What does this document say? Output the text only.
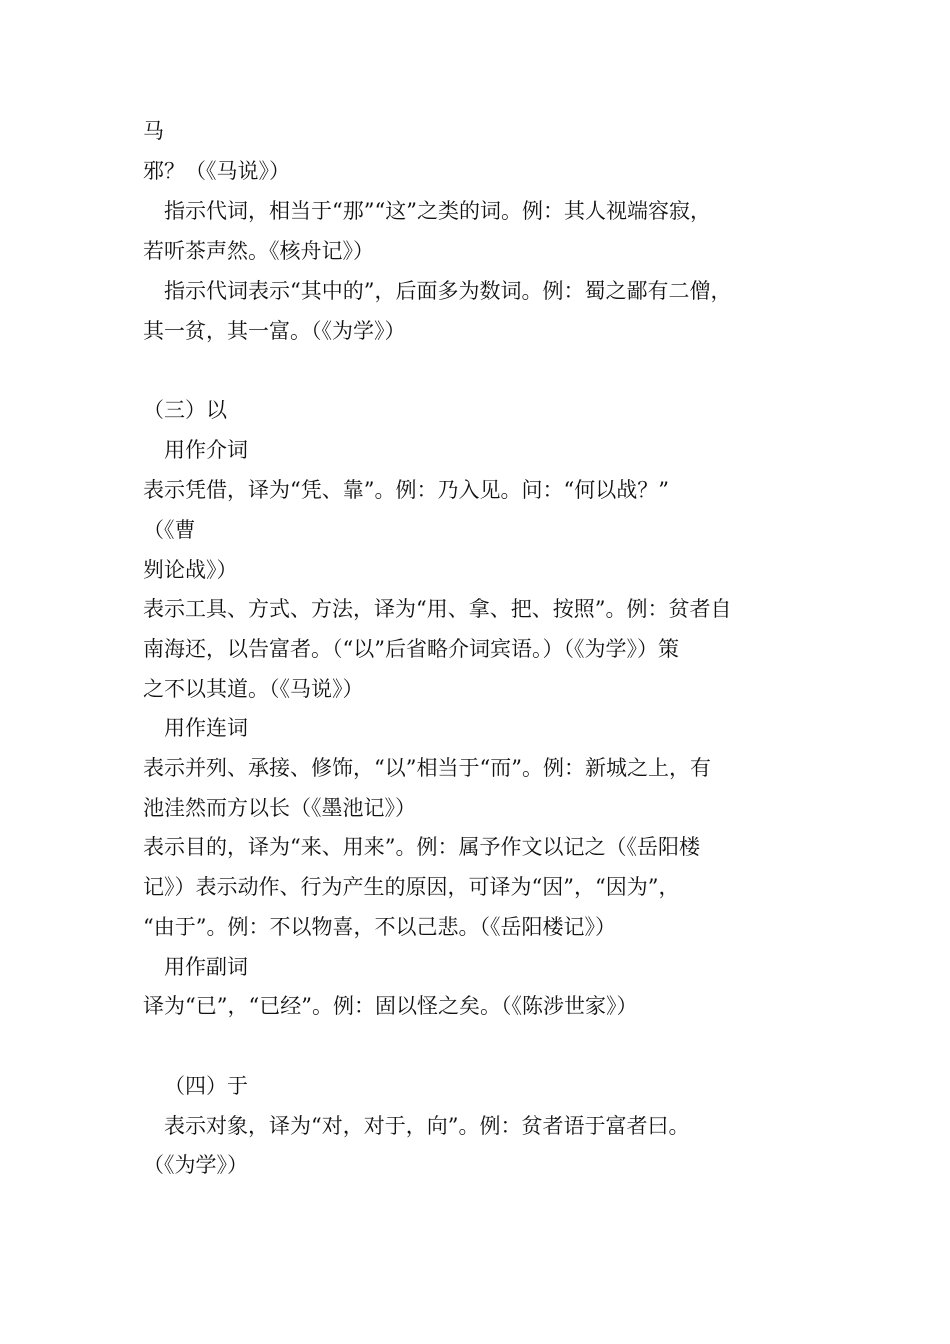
马
邪？（《马说》）
指示代词，相当于“那”“这”之类的词。例：其人视端容寂，
若听茶声然。《核舟记》）
指示代词表示“其中的”，后面多为数词。例：蜀之鄙有二僧，
其一贫，其一富。（《为学》）
（三）以
用作介词
表示凭借，译为“凭、靠”。例：乃入见。问：“何以战？”
（《曹
刿论战》）
表示工具、方式、方法，译为“用、拿、把、按照”。例：贫者自
南海还，以告富者。（“以”后省略介词宾语。）（《为学》）策
之不以其道。（《马说》）
用作连词
表示并列、承接、修饰，“以”相当于“而”。例：新城之上，有
池洼然而方以长（《墨池记》）
表示目的，译为“来、用来”。例：属予作文以记之（《岳阳楼
记》）表示动作、行为产生的原因，可译为“因”，“因为”，
“由于”。例：不以物喜，不以己悲。（《岳阳楼记》）
用作副词
译为“已”，“已经”。例：固以怪之矣。（《陈涉世家》）
（四）于
表示对象，译为“对，对于，向”。例：贫者语于富者曰。
（《为学》）
